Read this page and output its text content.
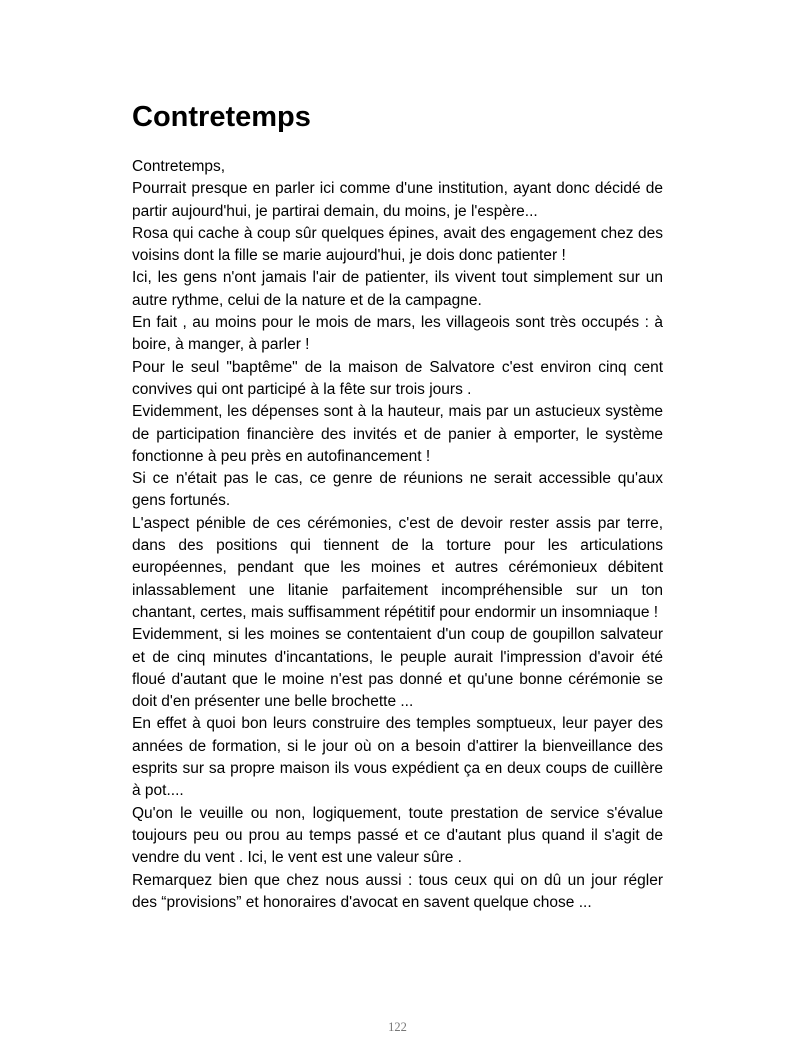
Contretemps

Contretemps,

Pourrait presque en parler ici comme d'une institution, ayant donc décidé de partir aujourd'hui, je partirai demain, du moins, je l'espère...

Rosa qui cache à coup sûr quelques épines, avait des engagement chez des voisins dont la fille se marie aujourd'hui, je dois donc patienter !

Ici, les gens n'ont jamais l'air de patienter, ils vivent tout simplement sur un autre rythme, celui de la nature et de la campagne.

En fait , au moins pour le mois de mars, les villageois sont très occupés : à boire, à manger, à parler !

Pour le seul "baptême" de la maison de Salvatore c'est environ cinq cent convives qui ont participé à la fête sur trois jours .

Evidemment, les dépenses sont à la hauteur, mais par un astucieux système de participation financière des invités et de panier à emporter, le système fonctionne à peu près en autofinancement !

Si ce n'était pas le cas, ce genre de réunions ne serait accessible qu'aux gens fortunés.

L'aspect pénible de ces cérémonies, c'est de devoir rester assis par terre, dans des positions qui tiennent de la torture pour les articulations européennes, pendant que les moines et autres cérémonieux débitent inlassablement une litanie parfaitement incompréhensible sur un ton chantant, certes, mais suffisamment répétitif pour endormir un insomniaque !

Evidemment, si les moines se contentaient d'un coup de goupillon salvateur et de cinq minutes d'incantations, le peuple aurait l'impression d'avoir été floué d'autant que le moine n'est pas donné et qu'une bonne cérémonie se doit d'en présenter une belle brochette ...

En effet à quoi bon leurs construire des temples somptueux, leur payer des années de formation, si le jour où on a besoin d'attirer la bienveillance des esprits sur sa propre maison ils vous expédient ça en deux coups de cuillère à pot....

Qu'on le veuille ou non, logiquement, toute prestation de service s'évalue toujours peu ou prou au temps passé et ce d'autant plus quand il s'agit de vendre du vent . Ici, le vent est une valeur sûre .

Remarquez bien que chez nous aussi : tous ceux qui on dû un jour régler des “provisions” et honoraires d'avocat en savent quelque chose ...

122
